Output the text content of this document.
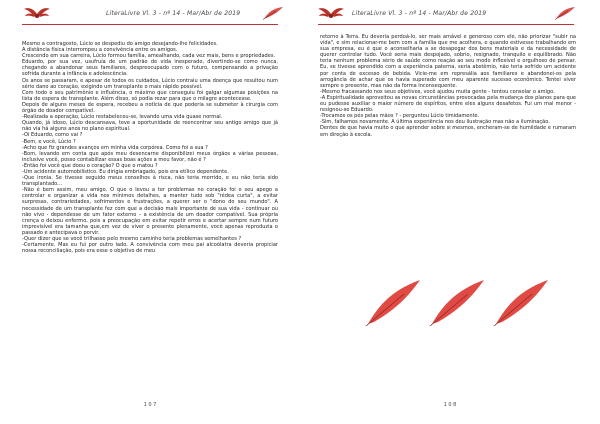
LiteraLivre Vl. 3 - nº 14 - Mar/Abr de 2019

Mesmo a contragosto, Lúcio se despediu do amigo desejando-lhe felicidades.

A distância física interrompeu a convivência entre os amigos.

Crescendo em sua carreira, Lúcio formou família, amealhando, cada vez mais, bens e propriedades.

Eduardo, por sua vez, usufruía de um padrão de vida inesperado, divertindo-se como nunca, chegando a abandonar seus familiares, despreocupado com o futuro, compensando a privação sofrida durante a infância e adolescência.

Os anos se passaram, e apesar de todos os cuidados, Lúcio contraiu uma doença que resultou num sério dano ao coração, exigindo um transplante o mais rápido possível.

Com todo o seu patrimônio e influência, o máximo que conseguiu foi galgar algumas posições na lista de espera de transplante. Além disso, só podia rezar para que o milagre acontecesse.

Depois de alguns meses de espera, recebeu a notícia de que poderia se submeter à cirurgia com órgão de doador compatível.

-Realizada a operação, Lúcio restabeleceu-se, levando uma vida quase normal.

Quando, já idoso, Lúcio descansava, teve a oportunidade de reencontrar seu antigo amigo que já não via há alguns anos no plano espiritual.

-Oi Eduardo, como vai ?

-Bem, e você, Lúcio ?

-Acho que fiz grandes avanços em minha vida corpórea. Como foi a sua ?

-Bom, levando em conta que após meu desencarne disponibilizei meus órgãos a várias pessoas, inclusive você, posso contabilizar essas boas ações a meu favor, não é ?

-Então foi você que doou o coração? O que o matou ?

-Um acidente automobilístico. Eu dirigia embriagado, pois era etílico dependente.

-Que ironia. Se tivesse seguido meus conselhos à risca, não teria morrido, e eu não teria sido transplantado...

-Não é bem assim, meu amigo. O que o levou a ter problemas no coração foi o seu apego a controlar e organizar a vida nos mínimos detalhes, a manter tudo sob "rédea curta", a evitar surpresas, contrariedades, sofrimentos e frustrações, a querer ser o "dono do seu mundo". A necessidade de um transplante fez com que a decisão mais importante de sua vida - continuar ou não vivo - dependesse de um fator externo – a existência de um doador compatível. Sua própria crença o deixou enfermo, pois a preocupação em evitar repetir erros e acertar sempre num futuro imprevisível era tamanha que,em vez de viver o presente plenamente, você apenas reproduzia o passado e antecipava o porvir.

-Quer dizer que se você trilhasse pelo mesmo caminho teria problemas semelhantes ?

-Certamente. Mas eu fui por outro lado. A convivência com meu pai alcoólatra deveria propiciar nossa reconciliação, pois era esse o objetivo de meu

1 0 7
LiteraLivre Vl. 3 - nº 14 - Mar/Abr de 2019

retorno à Terra. Eu deveria perdoá-lo, ser mais amável e generoso com ele, não priorizar "subir na vida", e sim relacionar-me bem com a família que me acolhera, e quando estivesse trabalhando em sua empresa, eu é que o aconselharia a se desapegar dos bens materiais e da necessidade de querer controlar tudo. Você seria mais despojado, sóbrio, resignado, tranquilo e equilibrado. Não teria nenhum problema sério de saúde como reação ao seu modo inflexível e orgulhoso de pensar. Eu, se tivesse aprendido com a experiência paterna, seria abstêmio, não teria sofrido um acidente por conta de excesso de bebida. Vicie-me em represália aos familiares e abandonei-os pela arrogância de achar que os havia superado com meu aparente sucesso econômico. Tentei viver sempre o presente, mas não da forma inconsequente.

-Mesmo fracassando nos seus objetivos, você ajudou muita gente - tentou consolar o amigo.

-A Espiritualidade aproveitou as novas circunstâncias provocadas pela mudança dos planos para que eu pudesse auxiliar o maior número de espíritos, entre eles alguns desafetos. Fui um mal menor - resignou-se Eduardo.

-Trocamos os pés pelas mãos ? - perguntou Lúcio timidamente.

-Sim, falhamos novamente. A última experiência nos deu ilustração mas não a iluminação.

Dentes de que havia muito o que aprender sobre si mesmos, encheram-se de humildade e rumaram em direção à escola.

1 0 8
